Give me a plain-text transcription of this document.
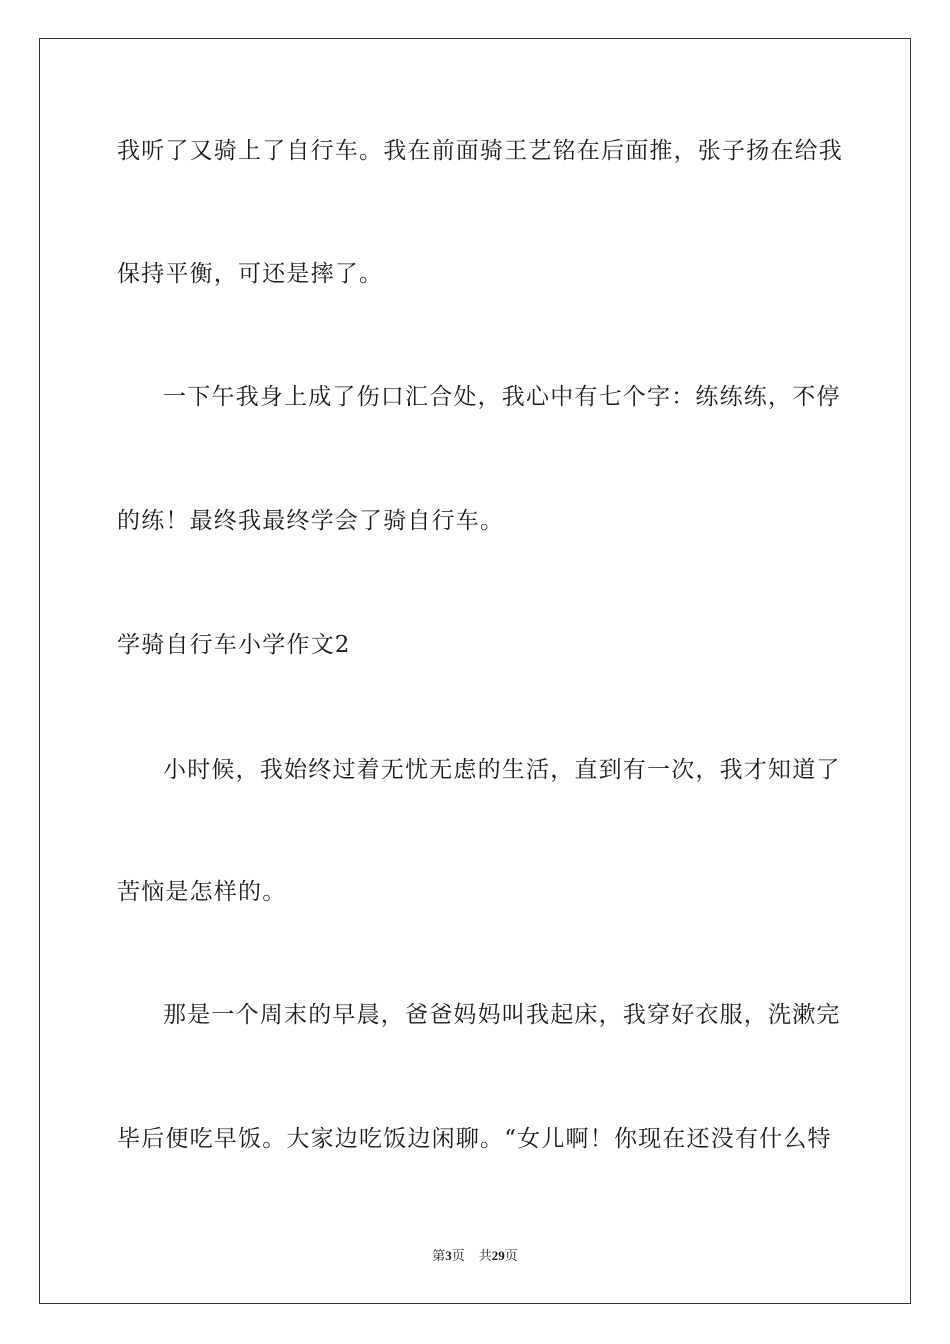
我听了又骑上了自行车。我在前面骑王艺铭在后面推，张子扬在给我
保持平衡，可还是摔了。
一下午我身上成了伤口汇合处，我心中有七个字：练练练，不停
的练！最终我最终学会了骑自行车。
学骑自行车小学作文2
小时候，我始终过着无忧无虑的生活，直到有一次，我才知道了
苦恼是怎样的。
那是一个周末的早晨，爸爸妈妈叫我起床，我穿好衣服，洗漱完
毕后便吃早饭。大家边吃饭边闲聊。“女儿啊！你现在还没有什么特
第3页 共29页
